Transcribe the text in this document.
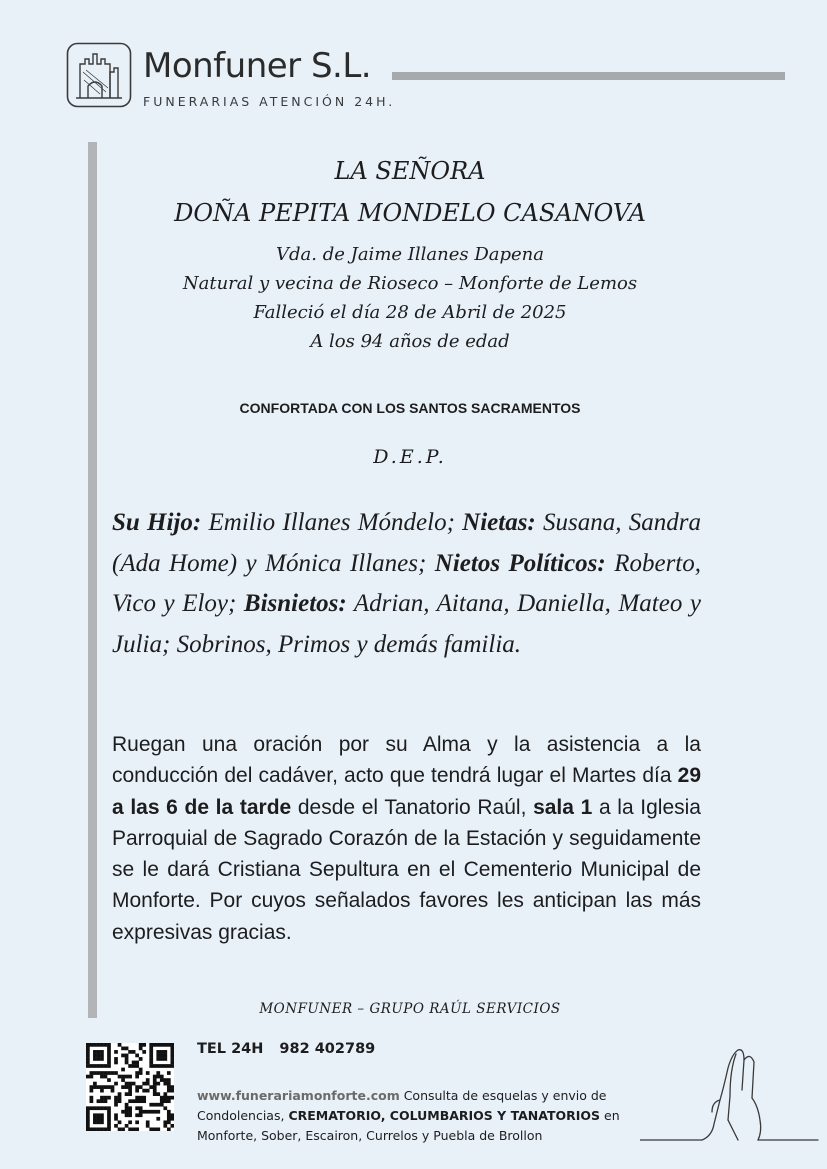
Monfuner S.L.
FUNERARIAS ATENCIÓN 24H.
LA SEÑORA
DOÑA PEPITA MONDELO CASANOVA
Vda. de Jaime Illanes Dapena
Natural y vecina de Rioseco – Monforte de Lemos
Falleció el día 28 de Abril de 2025
A los 94 años de edad
CONFORTADA CON LOS SANTOS SACRAMENTOS
D.E.P.
Su Hijo: Emilio Illanes Móndelo; Nietas: Susana, Sandra (Ada Home) y Mónica Illanes; Nietos Políticos: Roberto, Vico y Eloy; Bisnietos: Adrian, Aitana, Daniella, Mateo y Julia; Sobrinos, Primos y demás familia.
Ruegan una oración por su Alma y la asistencia a la conducción del cadáver, acto que tendrá lugar el Martes día 29 a las 6 de la tarde desde el Tanatorio Raúl, sala 1 a la Iglesia Parroquial de Sagrado Corazón de la Estación y seguidamente se le dará Cristiana Sepultura en el Cementerio Municipal de Monforte. Por cuyos señalados favores les anticipan las más expresivas gracias.
MONFUNER – GRUPO RAÚL SERVICIOS
TEL 24H 982 402789
www.funerariamonforte.com Consulta de esquelas y envio de Condolencias, CREMATORIO, COLUMBARIOS Y TANATORIOS en Monforte, Sober, Escairon, Currelos y Puebla de Brollon
